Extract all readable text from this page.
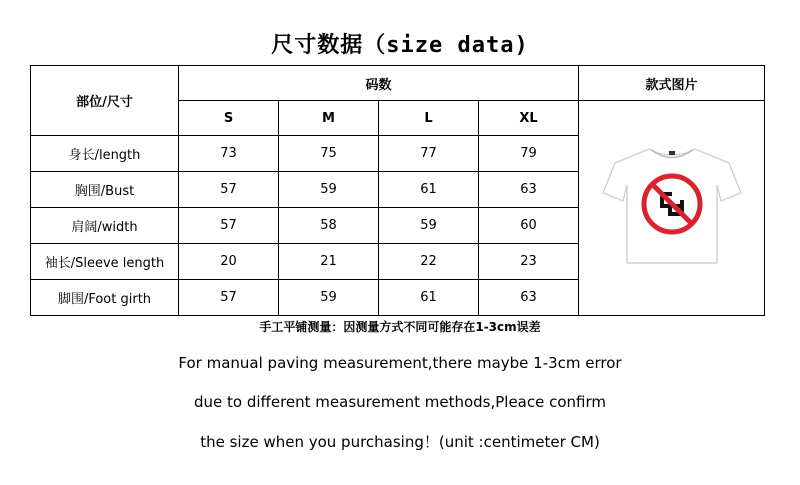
尺寸数据（size data)
部位/尺寸	码数				款式图片
	S	M	L	XL	
身长/length	73	75	77	79	
胸围/Bust	57	59	61	63	
肩阔/width	57	58	59	60	
袖长/Sleeve length	20	21	22	23	
脚围/Foot girth	57	59	61	63	
手工平铺测量：因测量方式不同可能存在1-3cm误差
For manual paving measurement,there maybe 1-3cm error
due to different measurement methods,Pleace confirm
the size when you purchasing！(unit :centimeter CM)
